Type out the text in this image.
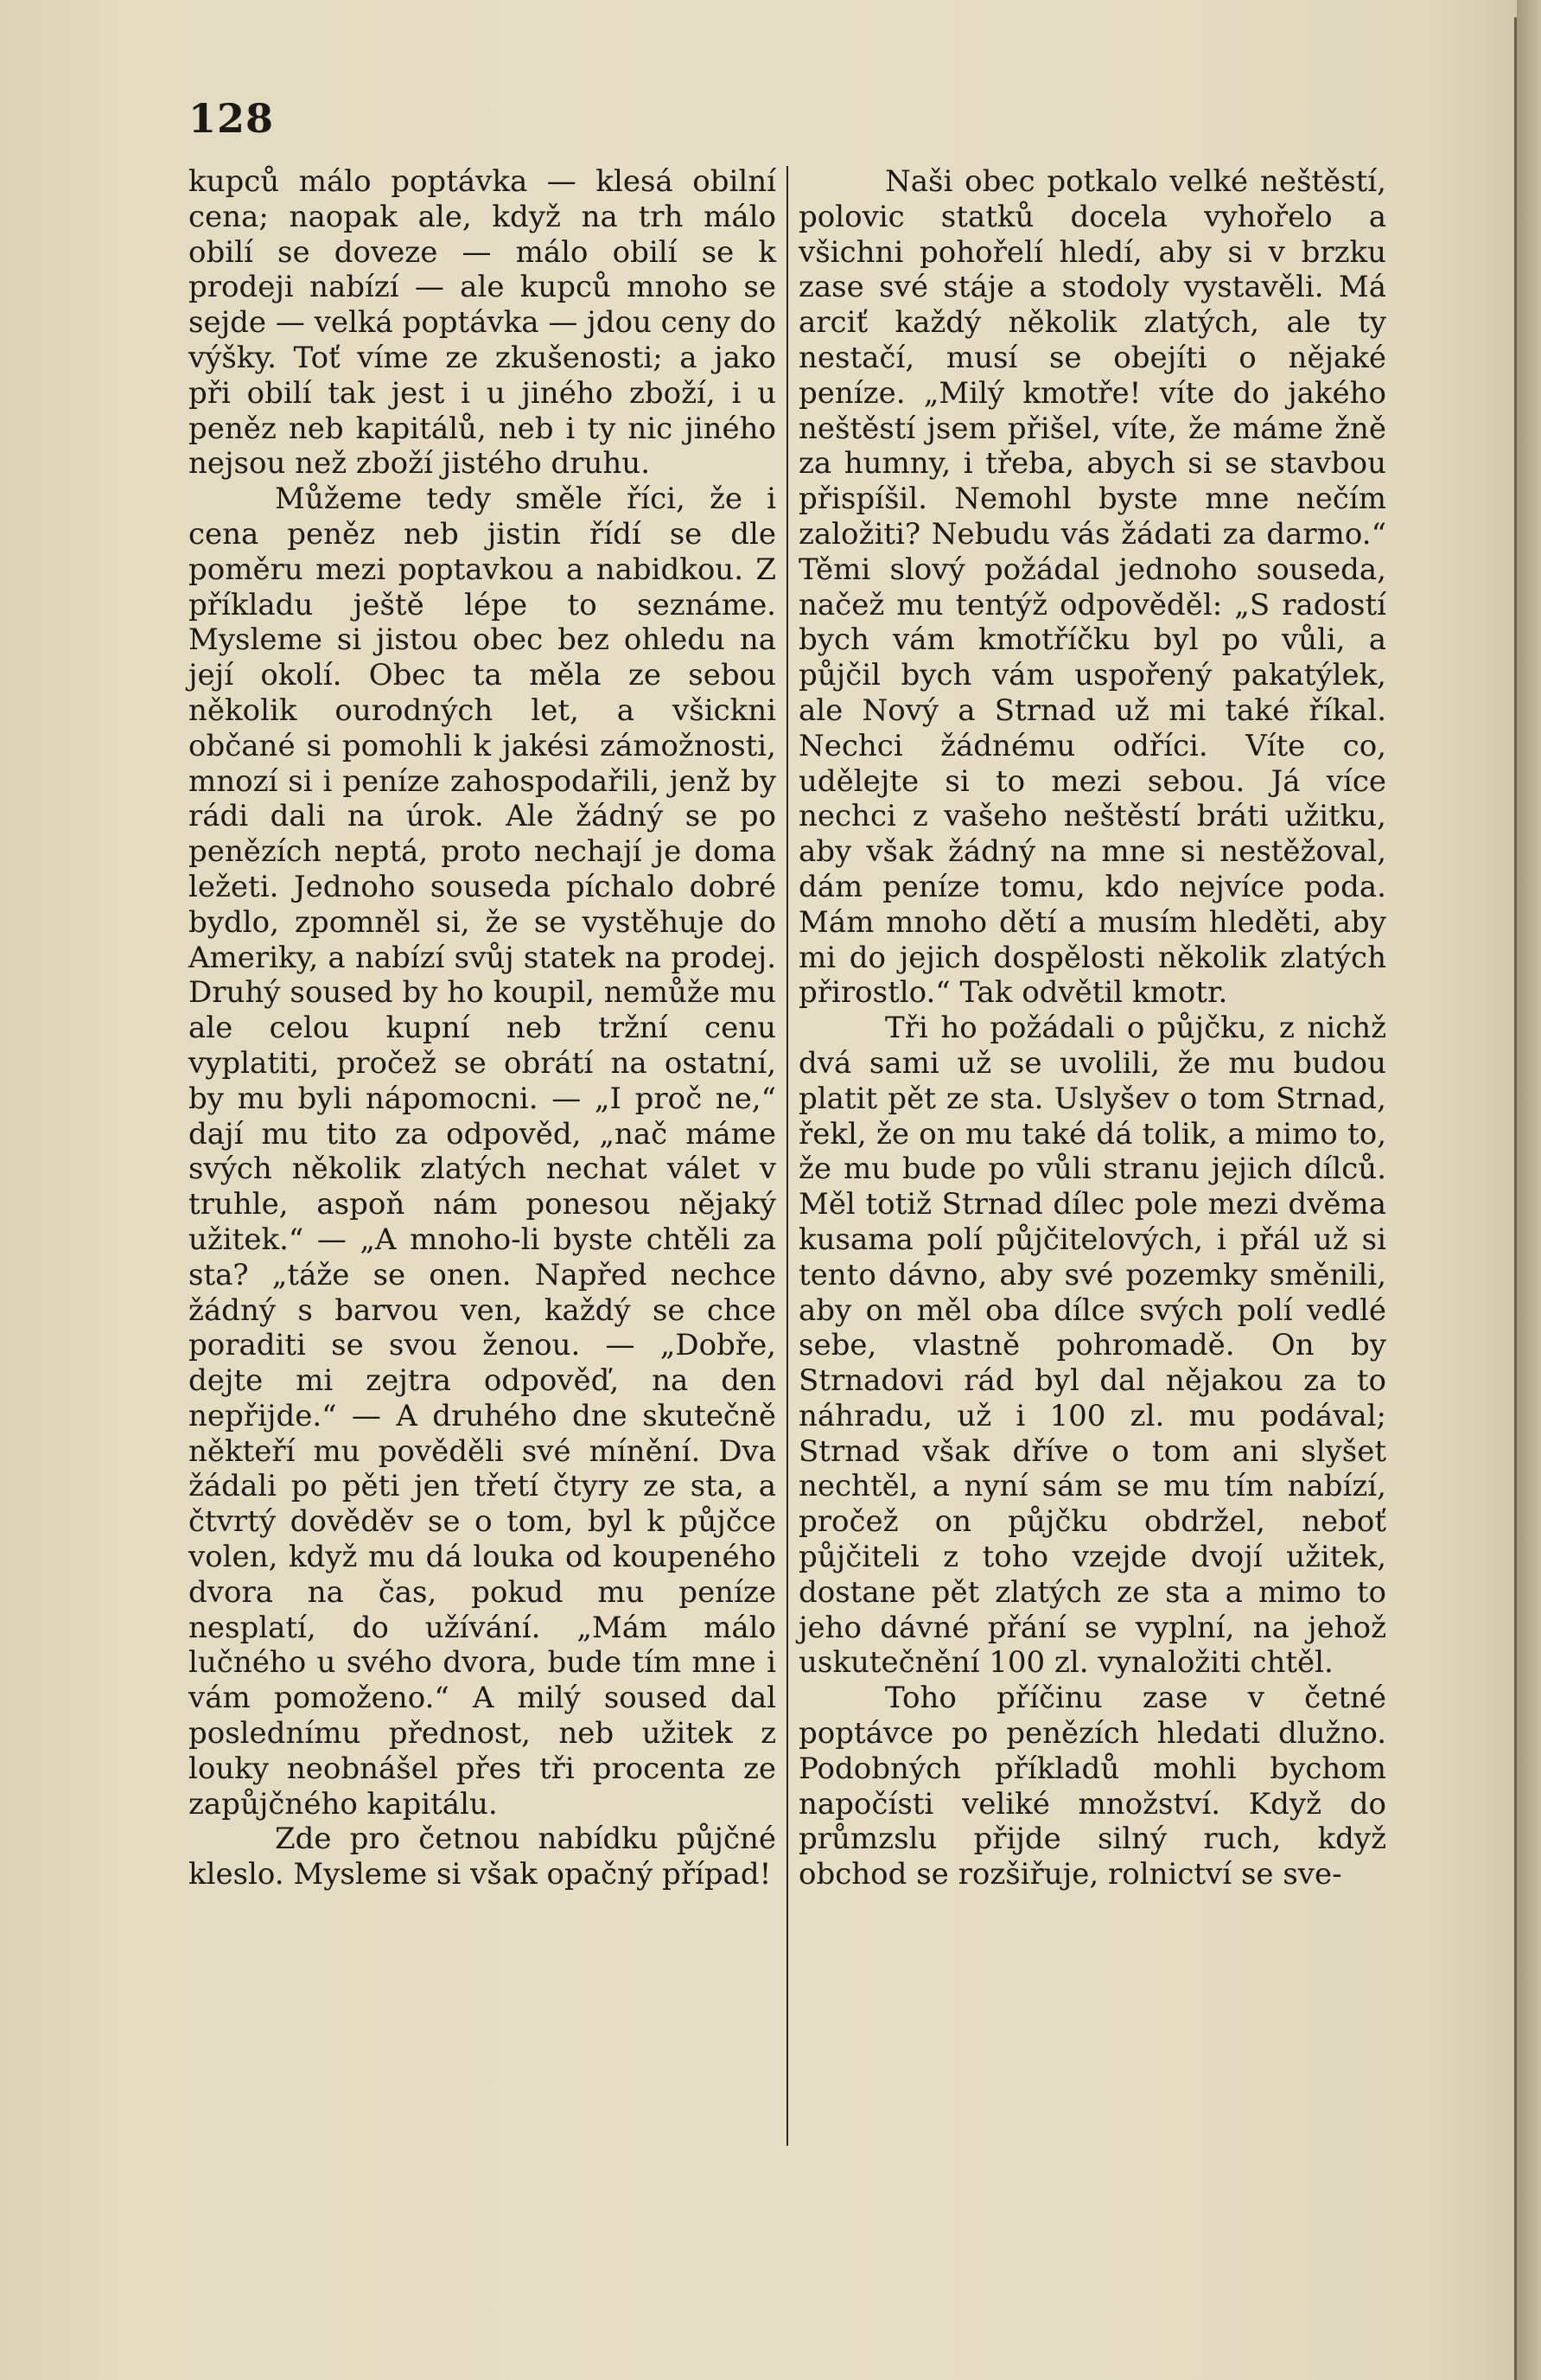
128

kupců málo poptávka — klesá obilní cena; naopak ale, když na trh málo obilí se doveze — málo obilí se k prodeji nabízí — ale kupců mnoho se sejde — velká poptávka — jdou ceny do výšky. Toť víme ze zkušenosti; a jako při obilí tak jest i u jiného zboží, i u peněz neb kapitálů, neb i ty nic jiného nejsou než zboží jistého druhu.

Můžeme tedy směle říci, že i cena peněz neb jistin řídí se dle poměru mezi poptavkou a nabidkou. Z příkladu ještě lépe to seznáme. Mysleme si jistou obec bez ohledu na její okolí. Obec ta měla ze sebou několik ourodných let, a všickni občané si pomohli k jakési zámožnosti, mnozí si i peníze zahospodařili, jenž by rádi dali na úrok. Ale žádný se po penězích neptá, proto nechají je doma ležeti. Jednoho souseda píchalo dobré bydlo, zpomněl si, že se vystěhuje do Ameriky, a nabízí svůj statek na prodej. Druhý soused by ho koupil, nemůže mu ale celou kupní neb tržní cenu vyplatiti, pročež se obrátí na ostatní, by mu byli nápomocni. — „I proč ne,“ dají mu tito za odpověd, „nač máme svých několik zlatých nechat válet v truhle, aspoň nám ponesou nějaký užitek.“ — „A mnoho-li byste chtěli za sta? „táže se onen. Napřed nechce žádný s barvou ven, každý se chce poraditi se svou ženou. — „Dobře, dejte mi zejtra odpověď, na den nepřijde.“ — A druhého dne skutečně někteří mu pověděli své mínění. Dva žádali po pěti jen třetí čtyry ze sta, a čtvrtý dověděv se o tom, byl k půjčce volen, když mu dá louka od koupeného dvora na čas, pokud mu peníze nesplatí, do užívání. „Mám málo lučného u svého dvora, bude tím mne i vám pomoženo.“ A milý soused dal poslednímu přednost, neb užitek z louky neobnášel přes tři procenta ze zapůjčného kapitálu.

Zde pro četnou nabídku půjčné kleslo. Mysleme si však opačný případ!

Naši obec potkalo velké neštěstí, polovic statků docela vyhořelo a všichni pohořelí hledí, aby si v brzku zase své stáje a stodoly vystavěli. Má arciť každý několik zlatých, ale ty nestačí, musí se obejíti o nějaké peníze. „Milý kmotře! víte do jakého neštěstí jsem přišel, víte, že máme žně za humny, i třeba, abych si se stavbou přispíšil. Nemohl byste mne nečím založiti? Nebudu vás žádati za darmo.“ Těmi slový požádal jednoho souseda, načež mu tentýž odpověděl: „S radostí bych vám kmotříčku byl po vůli, a půjčil bych vám uspořený pakatýlek, ale Nový a Strnad už mi také říkal. Nechci žádnému odříci. Víte co, udělejte si to mezi sebou. Já více nechci z vašeho neštěstí bráti užitku, aby však žádný na mne si nestěžoval, dám peníze tomu, kdo nejvíce poda. Mám mnoho dětí a musím hleděti, aby mi do jejich dospělosti několik zlatých přirostlo.“ Tak odvětil kmotr.

Tři ho požádali o půjčku, z nichž dvá sami už se uvolili, že mu budou platit pět ze sta. Uslyšev o tom Strnad, řekl, že on mu také dá tolik, a mimo to, že mu bude po vůli stranu jejich dílců. Měl totiž Strnad dílec pole mezi dvěma kusama polí půjčitelových, i přál už si tento dávno, aby své pozemky směnili, aby on měl oba dílce svých polí vedlé sebe, vlastně pohromadě. On by Strnadovi rád byl dal nějakou za to náhradu, už i 100 zl. mu podával; Strnad však dříve o tom ani slyšet nechtěl, a nyní sám se mu tím nabízí, pročež on půjčku obdržel, neboť půjčiteli z toho vzejde dvojí užitek, dostane pět zlatých ze sta a mimo to jeho dávné přání se vyplní, na jehož uskutečnění 100 zl. vynaložiti chtěl.

Toho příčinu zase v četné poptávce po penězích hledati dlužno. Podobných příkladů mohli bychom napočísti veliké množství. Když do průmzslu přijde silný ruch, když obchod se rozšiřuje, rolnictví se sve-
